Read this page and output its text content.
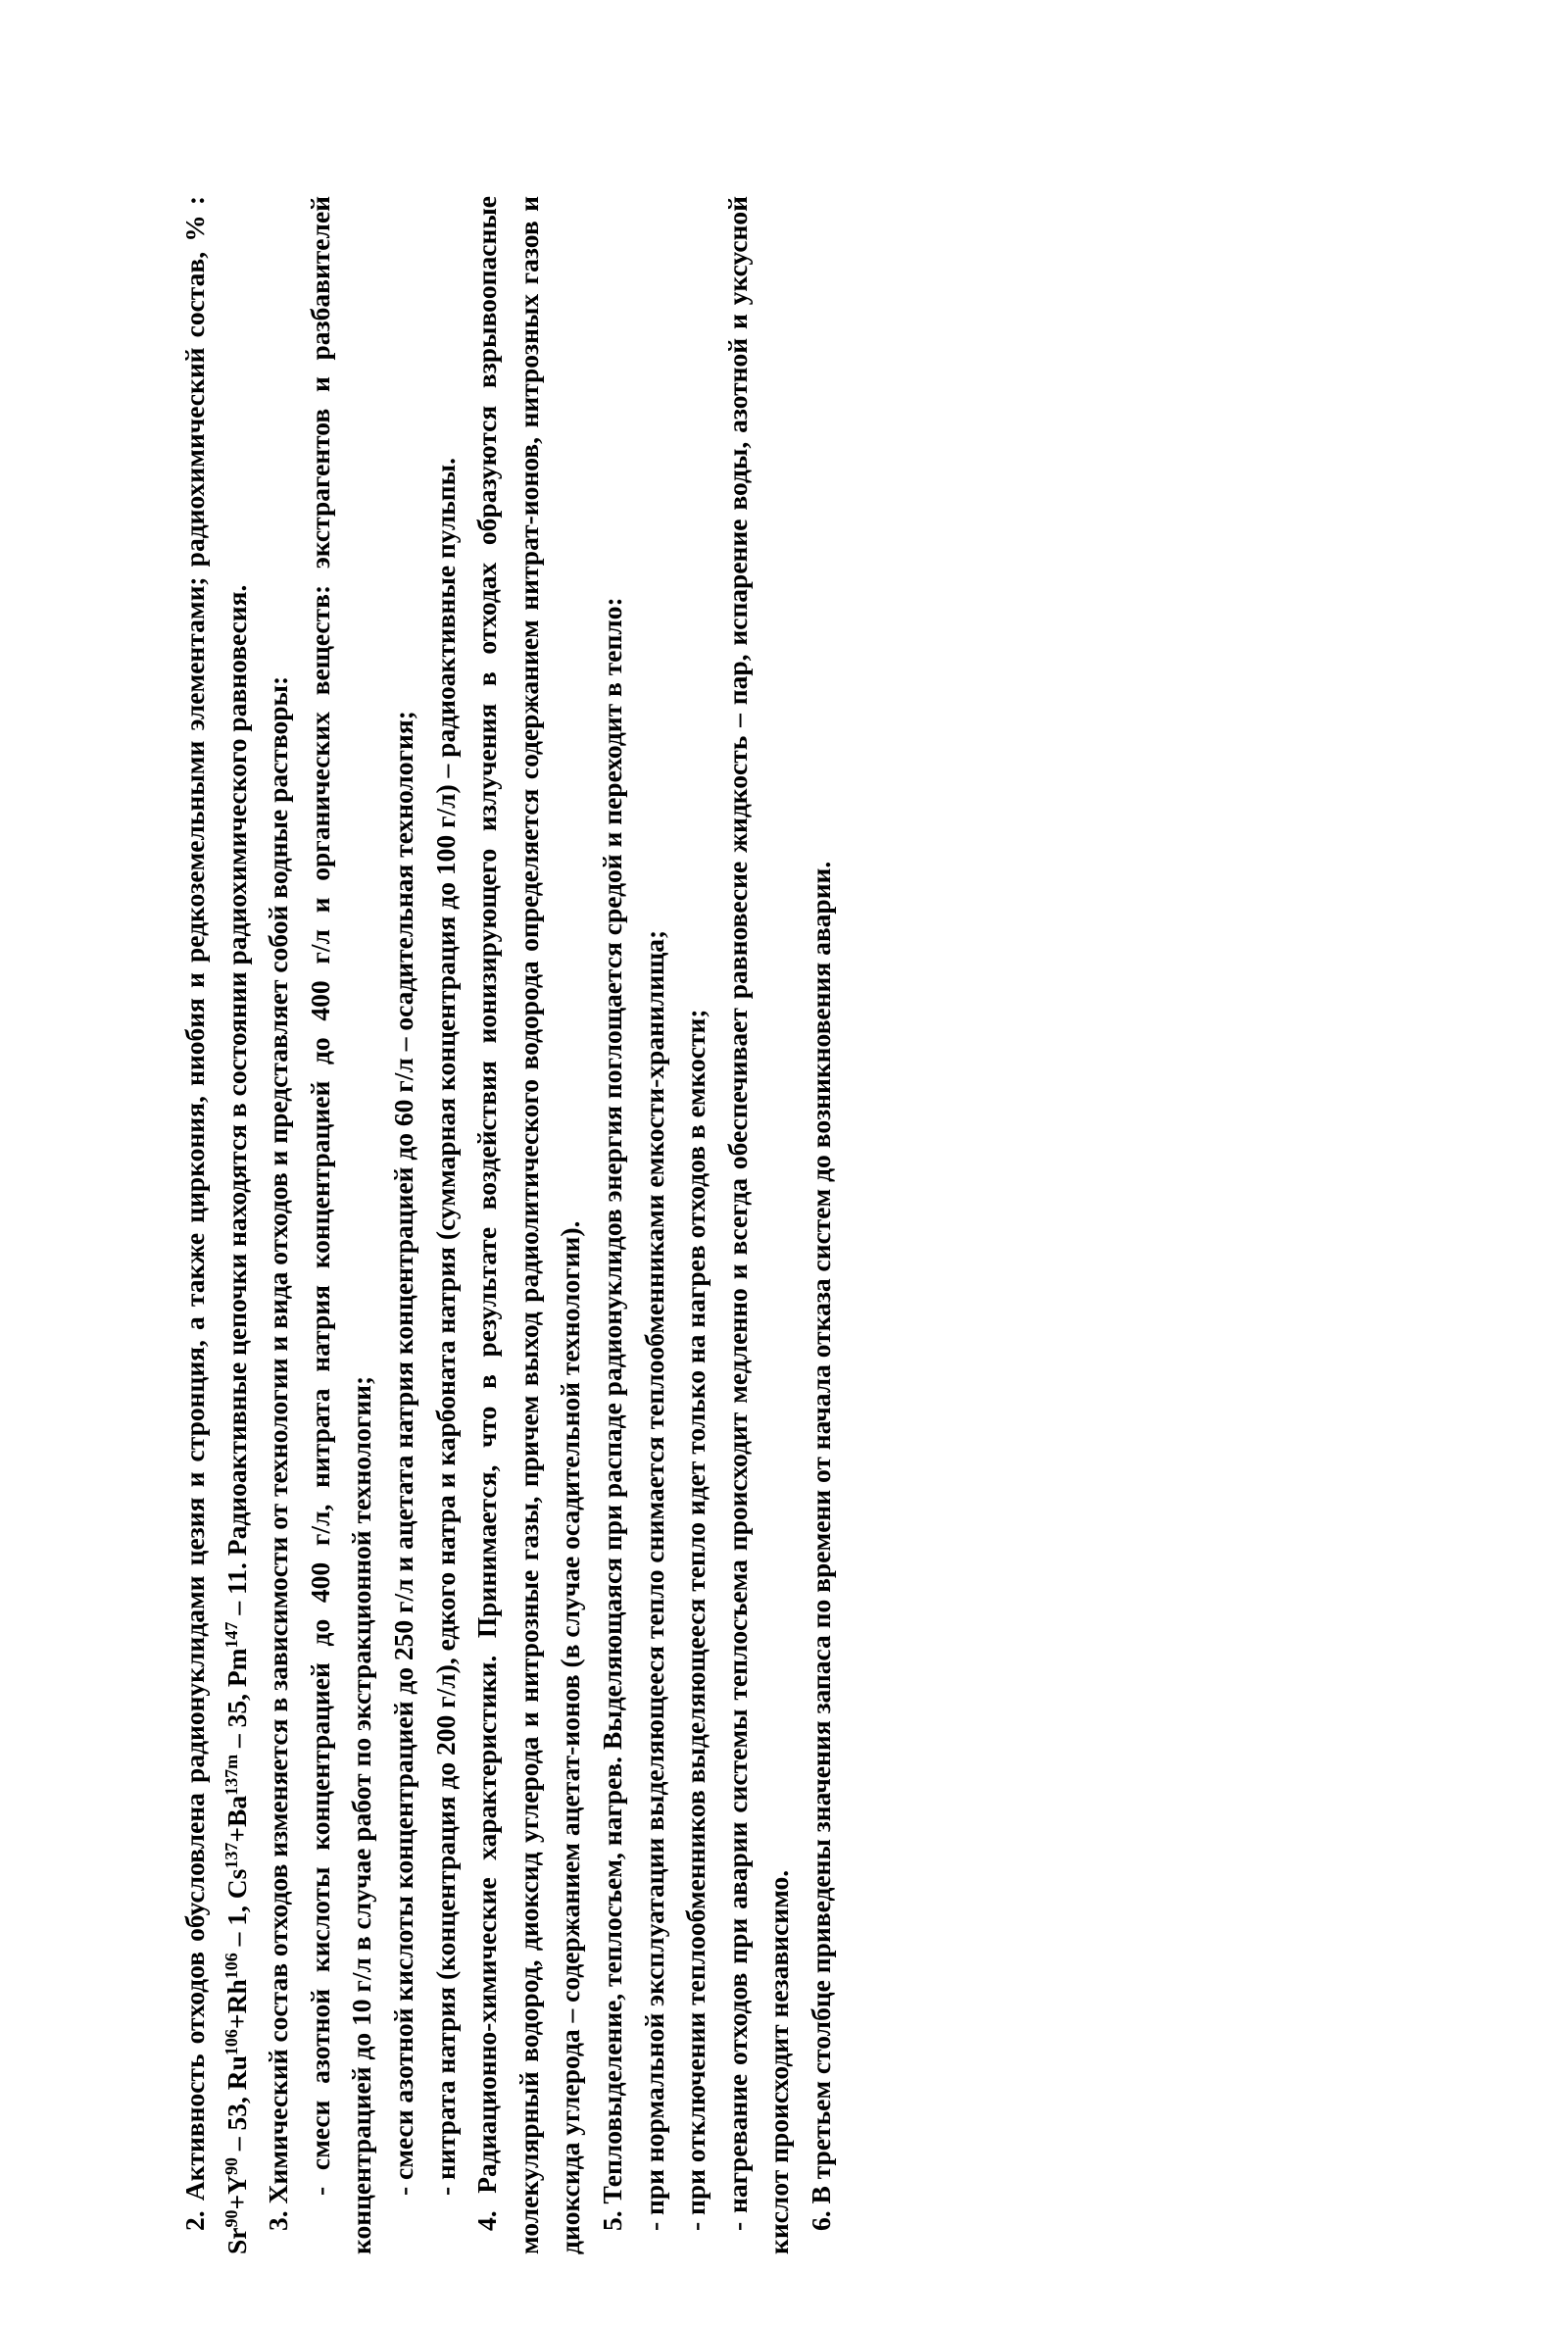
2. Активность отходов обусловлена радионуклидами цезия и стронция, а также циркония, ниобия и редкоземельными элементами; радиохимический состав, % : $Sr^{90}+Y^{90} - 53$, $Ru^{106}+Rh^{106} - 1$, $Cs^{137}+Ba^{137m} - 35$, Pm$^{147}$ – 11. Радиоактивные цепочки находятся в состоянии радиохимического равновесия.

3. Химический состав отходов изменяется в зависимости от технологии и вида отходов и представляет собой водные растворы: - смеси азотной кислоты концентрацией до 400 г/л, нитрата натрия концентрацией до 400 г/л и органических веществ: экстрагентов и разбавителей концентрацией до 10 г/л в случае работ по экстракционной технологии; - смеси азотной кислоты концентрацией до 250 г/л и ацетата натрия концентрацией до 60 г/л – осадительная технология; - нитрата натрия (концентрация до 200 г/л), едкого натра и карбоната натрия (суммарная концентрация до 100 г/л) – радиоактивные пульпы.

4. Радиационно-химические характеристики. Принимается, что в результате воздействия ионизирующего излучения в отходах образуются взрывоопасные молекулярный водород, диоксид углерода и нитрозные газы, причем выход радиолитического водорода определяется содержанием нитрат-ионов, нитрозных газов и диоксида углерода – содержанием ацетат-ионов (в случае осадительной технологии). 5. Тепловыделение, теплосъем, нагрев. Выделяющаяся при распаде радионуклидов энергия поглощается средой и переходит в тепло: - при нормальной эксплуатации выделяющееся тепло снимается теплообменниками емкости-хранилища; - при отключении теплообменников выделяющееся тепло идет только на нагрев отходов в емкости; - нагревание отходов при аварии системы теплосъема происходит медленно и всегда обеспечивает равновесие жидкость – пар, испарение воды, азотной и уксусной кислот происходит независимо. 6. В третьем столбце приведены значения запаса по времени от начала отказа систем до возникновения аварии.
